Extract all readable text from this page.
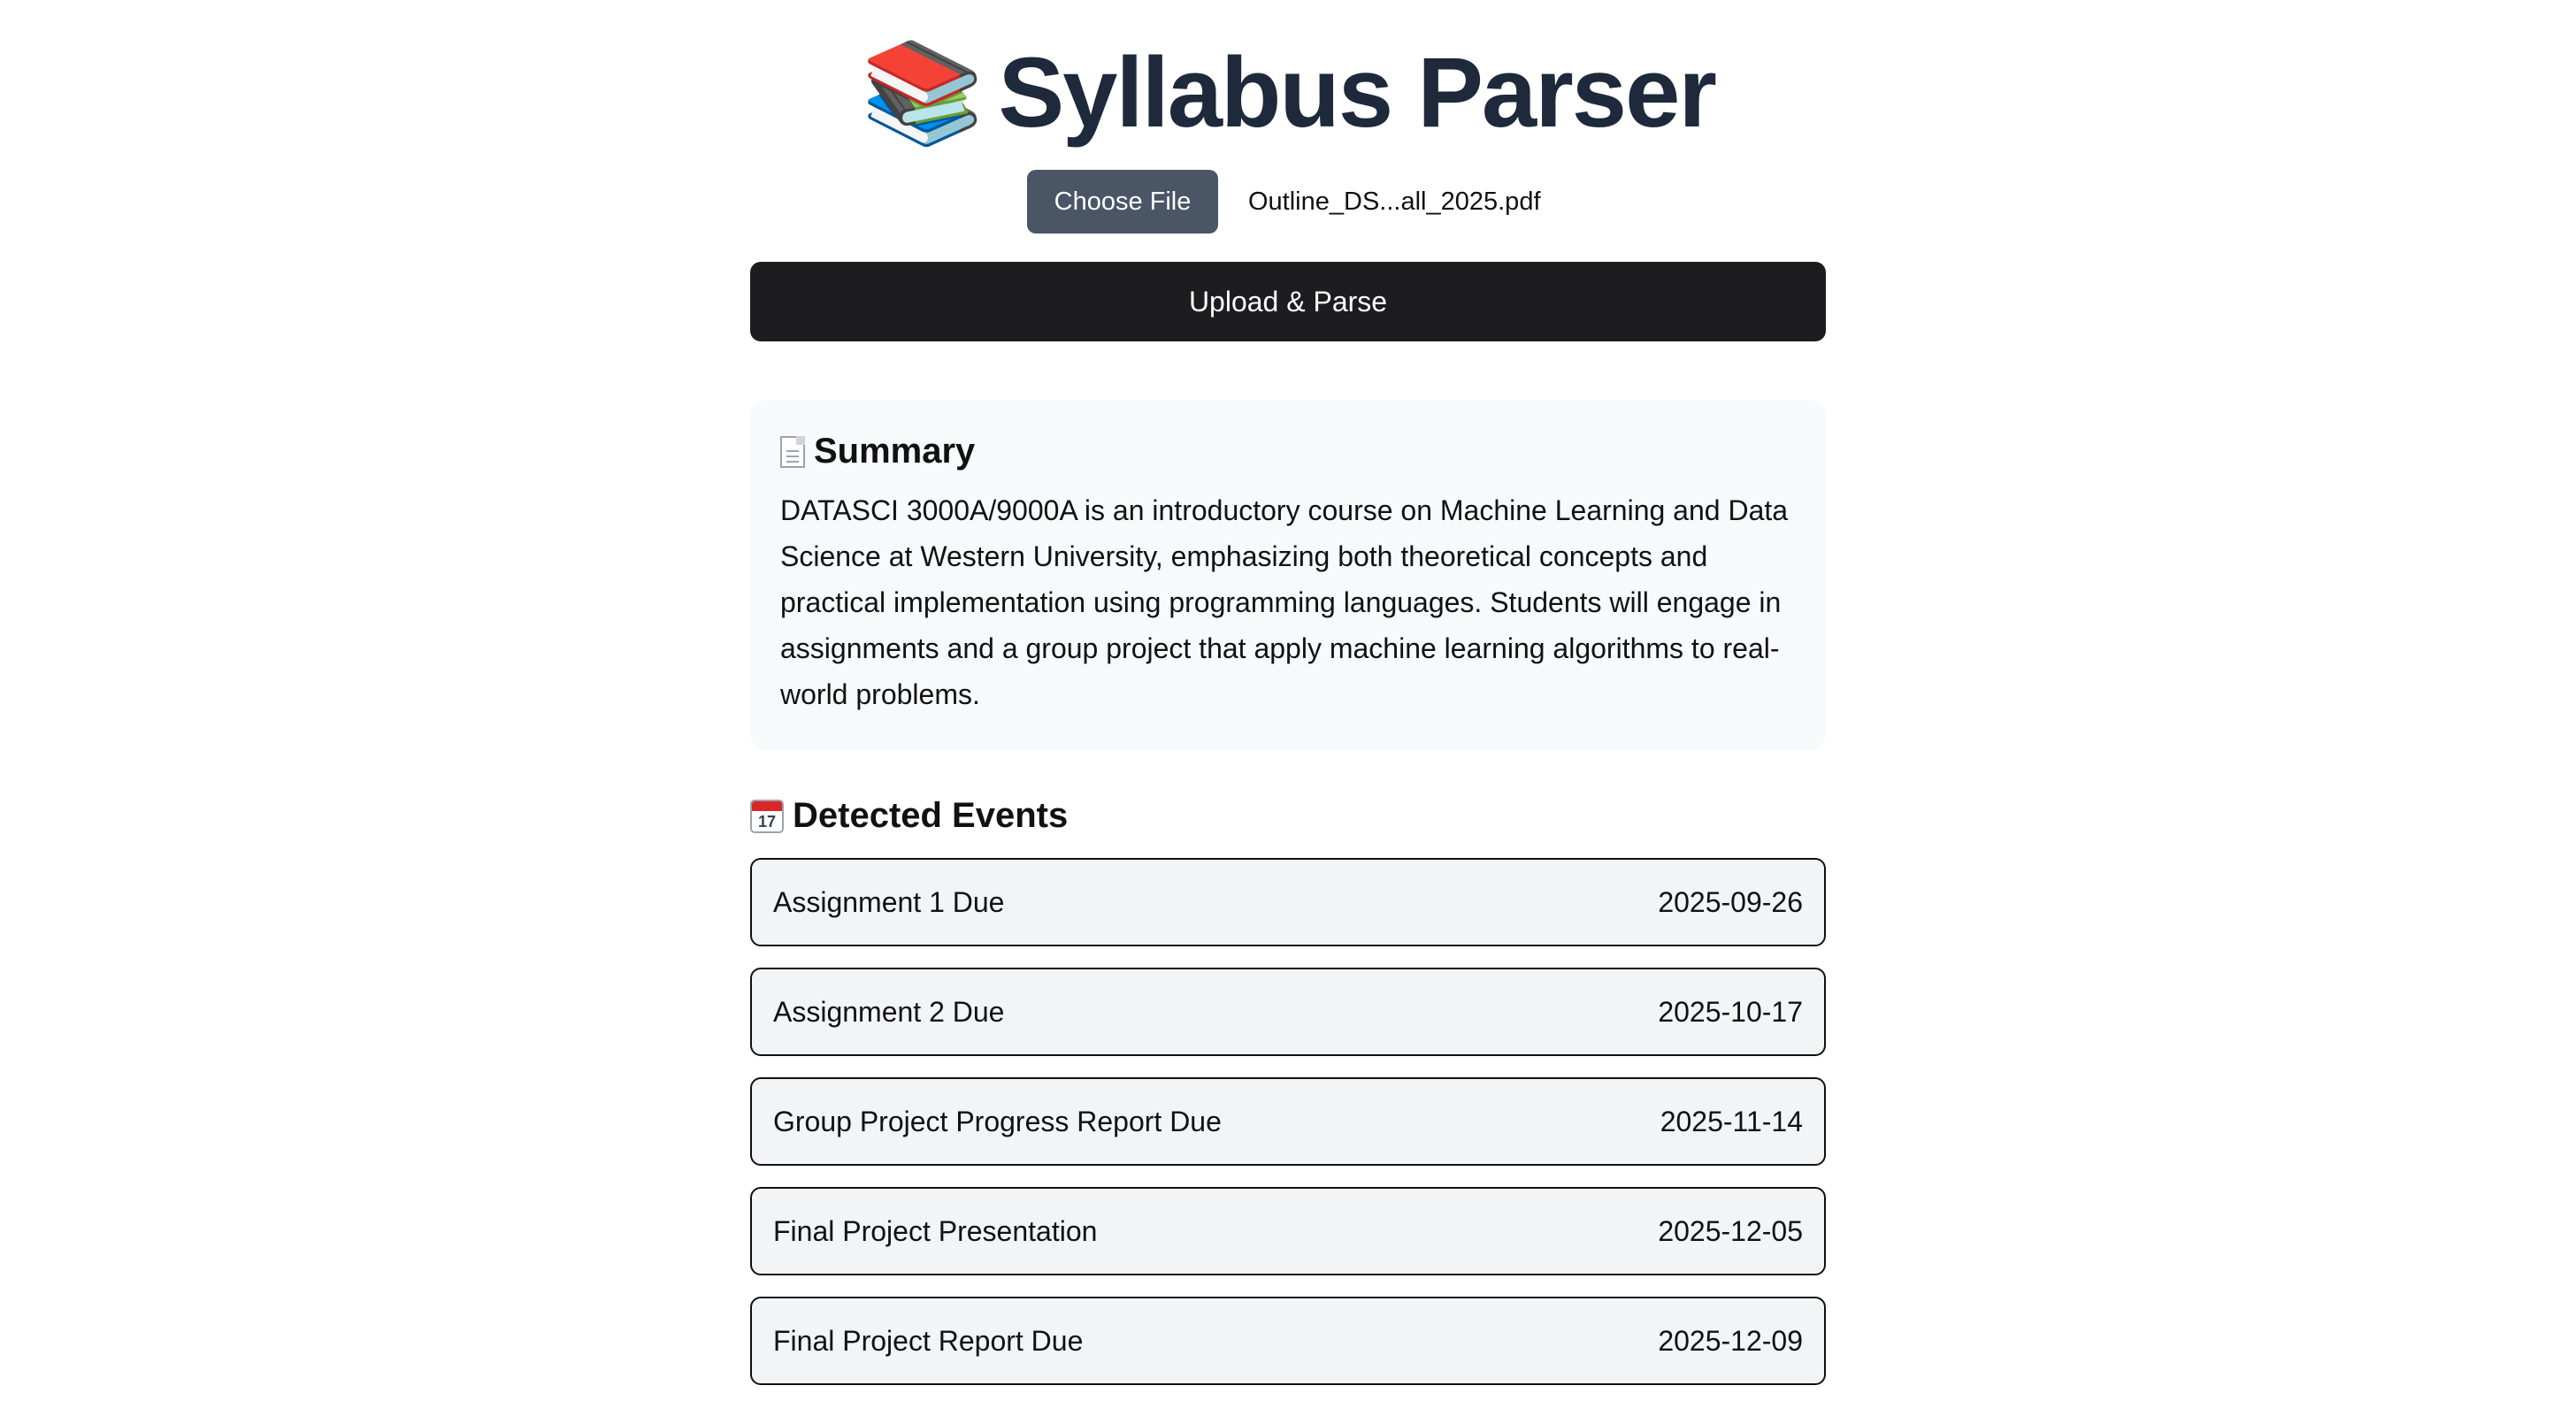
📚 Syllabus Parser
Choose File	Outline_DS...all_2025.pdf
Upload & Parse
Summary
DATASCI 3000A/9000A is an introductory course on Machine Learning and Data Science at Western University, emphasizing both theoretical concepts and practical implementation using programming languages. Students will engage in assignments and a group project that apply machine learning algorithms to real-world problems.
17 Detected Events
Assignment 1 Due	2025-09-26
Assignment 2 Due	2025-10-17
Group Project Progress Report Due	2025-11-14
Final Project Presentation	2025-12-05
Final Project Report Due	2025-12-09
